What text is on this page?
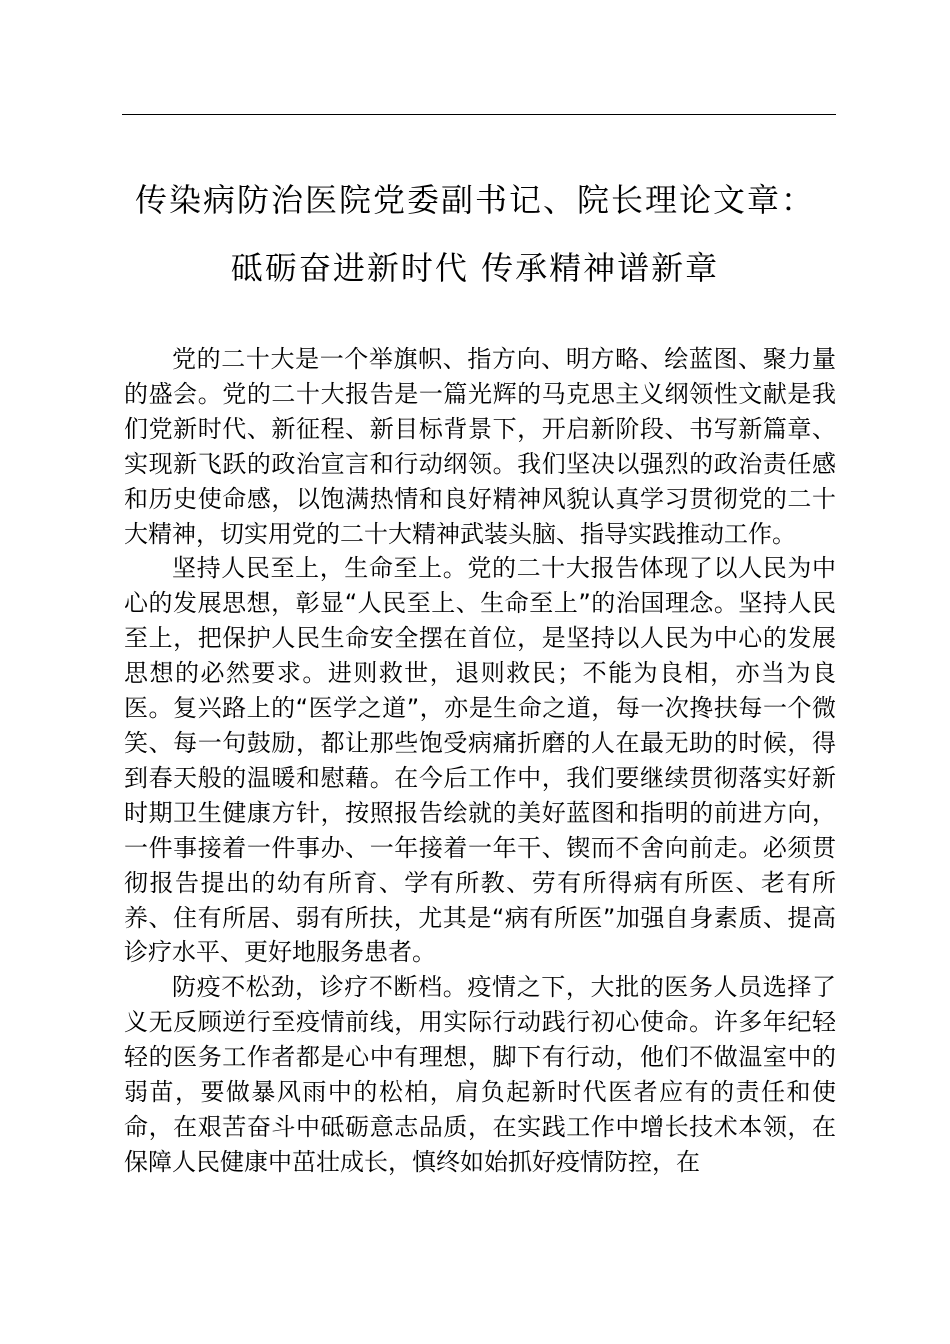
传染病防治医院党委副书记、院长理论文章：
砥砺奋进新时代 传承精神谱新章

党的二十大是一个举旗帜、指方向、明方略、绘蓝图、聚力量的盛会。党的二十大报告是一篇光辉的马克思主义纲领性文献是我们党新时代、新征程、新目标背景下，开启新阶段、书写新篇章、实现新飞跃的政治宣言和行动纲领。我们坚决以强烈的政治责任感和历史使命感，以饱满热情和良好精神风貌认真学习贯彻党的二十大精神，切实用党的二十大精神武装头脑、指导实践推动工作。

坚持人民至上，生命至上。党的二十大报告体现了以人民为中心的发展思想，彰显“人民至上、生命至上”的治国理念。坚持人民至上，把保护人民生命安全摆在首位，是坚持以人民为中心的发展思想的必然要求。进则救世，退则救民；不能为良相，亦当为良医。复兴路上的“医学之道”，亦是生命之道，每一次搀扶每一个微笑、每一句鼓励，都让那些饱受病痛折磨的人在最无助的时候，得到春天般的温暖和慰藉。在今后工作中，我们要继续贯彻落实好新时期卫生健康方针，按照报告绘就的美好蓝图和指明的前进方向，一件事接着一件事办、一年接着一年干、锲而不舍向前走。必须贯彻报告提出的幼有所育、学有所教、劳有所得病有所医、老有所养、住有所居、弱有所扶，尤其是“病有所医”加强自身素质、提高诊疗水平、更好地服务患者。

防疫不松劲，诊疗不断档。疫情之下，大批的医务人员选择了义无反顾逆行至疫情前线，用实际行动践行初心使命。许多年纪轻轻的医务工作者都是心中有理想，脚下有行动，他们不做温室中的弱苗，要做暴风雨中的松柏，肩负起新时代医者应有的责任和使命，在艰苦奋斗中砥砺意志品质，在实践工作中增长技术本领，在保障人民健康中茁壮成长，慎终如始抓好疫情防控，在
